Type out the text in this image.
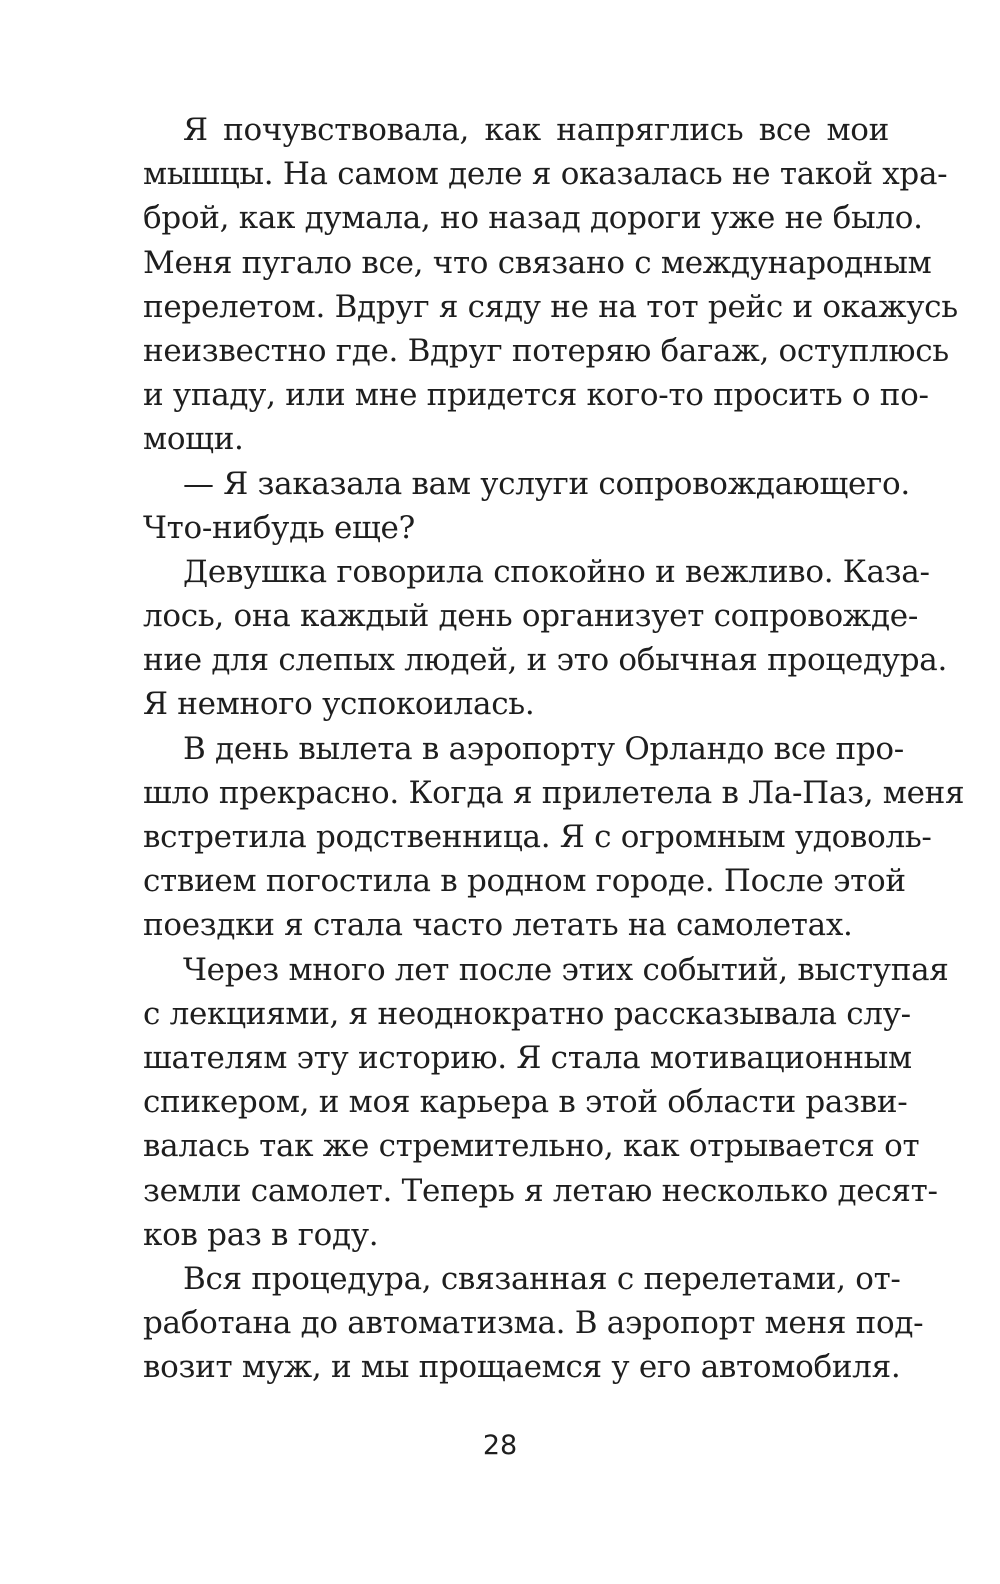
Я почувствовала, как напряглись все мои
мышцы. На самом деле я оказалась не такой хра-
брой, как думала, но назад дороги уже не было.
Меня пугало все, что связано с международным
перелетом. Вдруг я сяду не на тот рейс и окажусь
неизвестно где. Вдруг потеряю багаж, оступлюсь
и упаду, или мне придется кого-то просить о по-
мощи.
— Я заказала вам услуги сопровождающего.
Что-нибудь еще?
Девушка говорила спокойно и вежливо. Каза-
лось, она каждый день организует сопровожде-
ние для слепых людей, и это обычная процедура.
Я немного успокоилась.
В день вылета в аэропорту Орландо все про-
шло прекрасно. Когда я прилетела в Ла-Паз, меня
встретила родственница. Я с огромным удоволь-
ствием погостила в родном городе. После этой
поездки я стала часто летать на самолетах.
Через много лет после этих событий, выступая
с лекциями, я неоднократно рассказывала слу-
шателям эту историю. Я стала мотивационным
спикером, и моя карьера в этой области разви-
валась так же стремительно, как отрывается от
земли самолет. Теперь я летаю несколько десят-
ков раз в году.
Вся процедура, связанная с перелетами, от-
работана до автоматизма. В аэропорт меня под-
возит муж, и мы прощаемся у его автомобиля.
28
